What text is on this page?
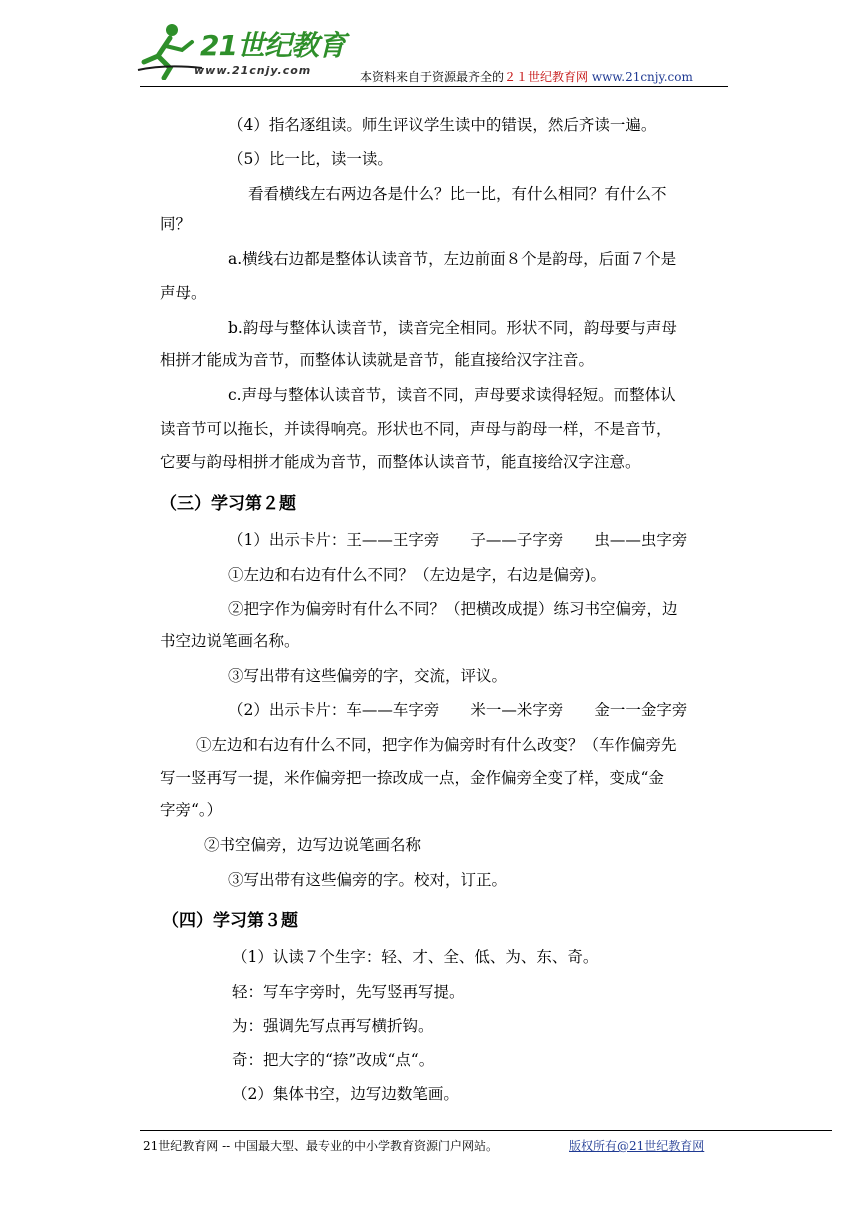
21世纪教育
www.21cnjy.com	本资料来自于资源最齐全的２１世纪教育网 www.21cnjy.com
（4）指名逐组读。师生评议学生读中的错误，然后齐读一遍。
（5）比一比，读一读。
看看横线左右两边各是什么？比一比，有什么相同？有什么不
同？
a.横线右边都是整体认读音节，左边前面８个是韵母，后面７个是
声母。
b.韵母与整体认读音节，读音完全相同。形状不同，韵母要与声母
相拼才能成为音节，而整体认读就是音节，能直接给汉字注音。
c.声母与整体认读音节，读音不同，声母要求读得轻短。而整体认
读音节可以拖长，并读得响亮。形状也不同，声母与韵母一样，不是音节，
它要与韵母相拼才能成为音节，而整体认读音节，能直接给汉字注意。
（三）学习第２题
（1）出示卡片：王——王字旁　　子——子字旁　　虫——虫字旁
①左边和右边有什么不同？（左边是字，右边是偏旁)。
②把字作为偏旁时有什么不同？（把横改成提）练习书空偏旁，边
书空边说笔画名称。
③写出带有这些偏旁的字，交流，评议。
（2）出示卡片：车——车字旁　　米一—米字旁　　金一一金字旁
①左边和右边有什么不同，把字作为偏旁时有什么改变？（车作偏旁先
写一竖再写一提，米作偏旁把一捺改成一点，金作偏旁全变了样，变成“金
字旁“。）
②书空偏旁，边写边说笔画名称
③写出带有这些偏旁的字。校对，订正。
（四）学习第３题
（1）认读７个生字：轻、才、全、低、为、东、奇。
轻：写车字旁时，先写竖再写提。
为：强调先写点再写横折钩。
奇：把大字的“捺”改成“点“。
（2）集体书空，边写边数笔画。
21世纪教育网 -- 中国最大型、最专业的中小学教育资源门户网站。	版权所有@21世纪教育网
